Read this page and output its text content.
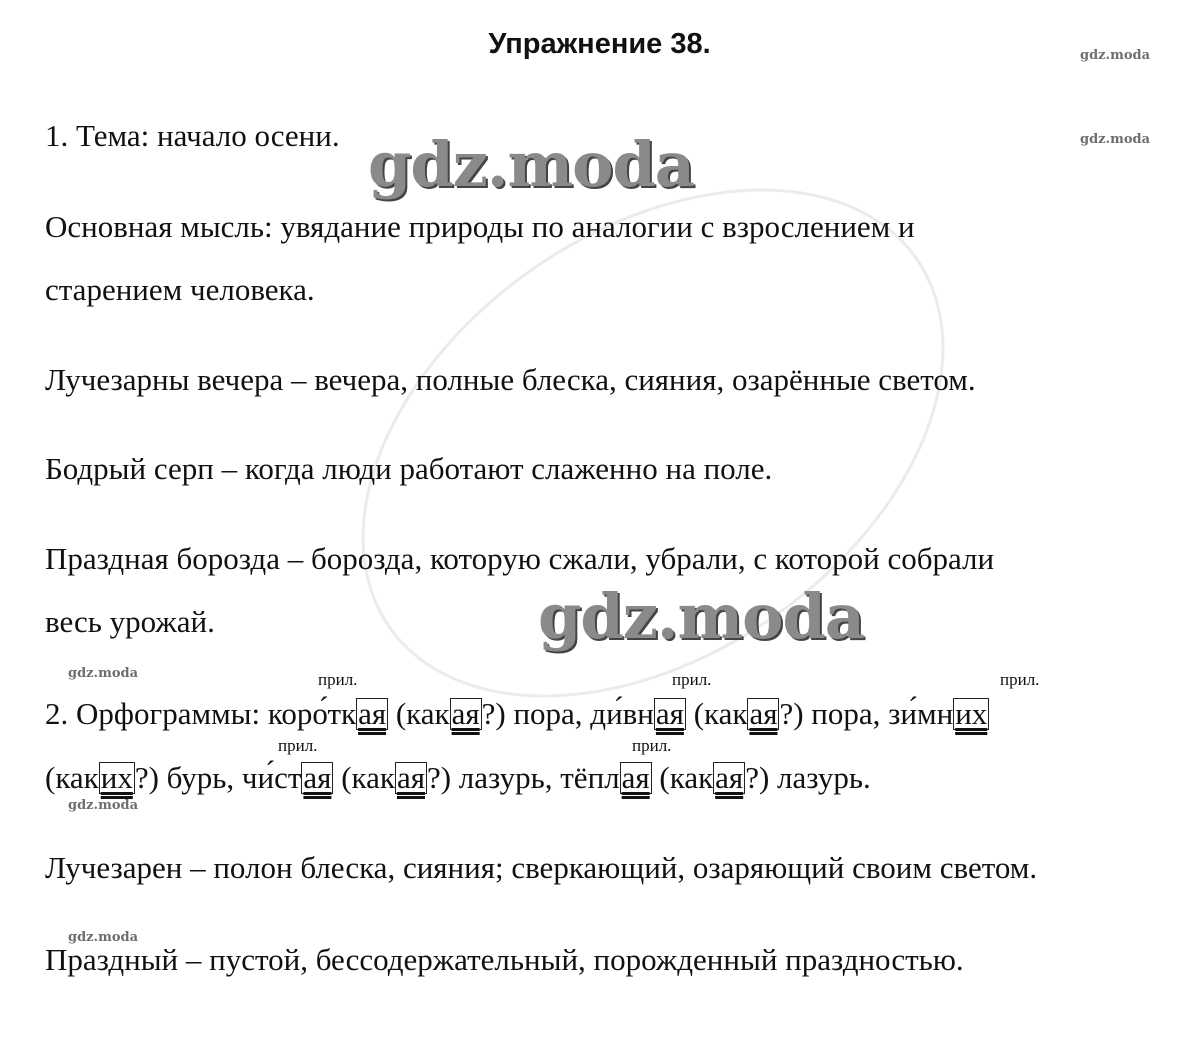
Упражнение 38.	gdz.moda
gdz.moda
gdz.moda
gdz.moda
gdz.moda
gdz.moda
gdz.moda
1. Тема: начало осени.
Основная мысль: увядание природы по аналогии с взрослением и
старением человека.
Лучезарны вечера – вечера, полные блеска, сияния, озарённые светом.
Бодрый серп – когда люди работают слаженно на поле.
Праздная борозда – борозда, которую сжали, убрали, с которой собрали
весь урожай.
прил.	прил.	прил.
прил.	прил.
2. Орфограммы: коро́ткая (какая?) пора, ди́вная (какая?) пора, зи́мних
(каких?) бурь, чи́стая (какая?) лазурь, тёплая (какая?) лазурь.
Лучезарен – полон блеска, сияния; сверкающий, озаряющий своим светом.
Праздный – пустой, бессодержательный, порожденный праздностью.
